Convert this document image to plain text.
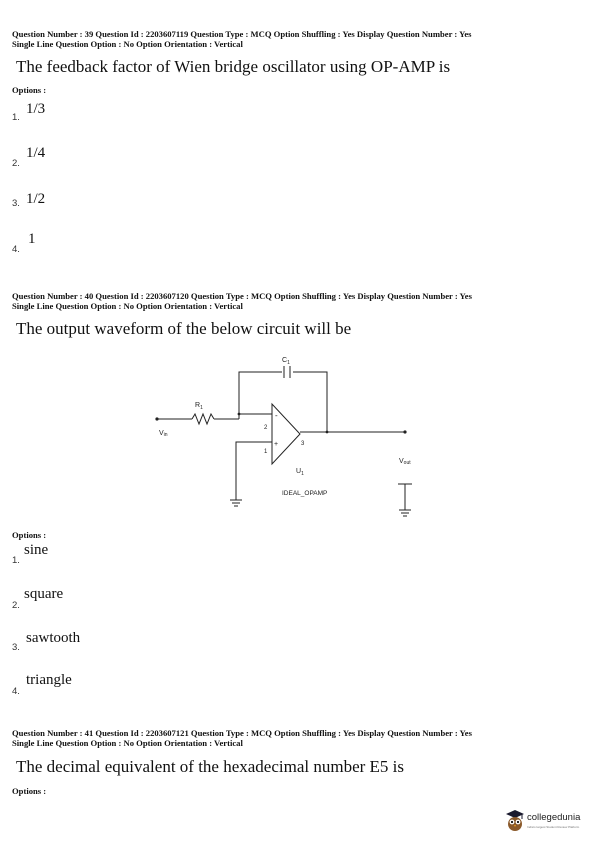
Question Number : 39 Question Id : 2203607119 Question Type : MCQ Option Shuffling : Yes Display Question Number : Yes
Single Line Question Option : No Option Orientation : Vertical
The feedback factor of Wien bridge oscillator using OP-AMP is
Options :
1.
1/3
2.
1/4
3. 1/2
4.
1
Question Number : 40 Question Id : 2203607120 Question Type : MCQ Option Shuffling : Yes Display Question Number : Yes
Single Line Question Option : No Option Orientation : Vertical
The output waveform of the below circuit will be
$C_1$
$R_1$
Vin
Vout
2
1
3
-
+
$U_1$
IDEAL_OPAMP
Options :
1.
sine
2.
square
3.
sawtooth
4.
triangle
Question Number : 41 Question Id : 2203607121 Question Type : MCQ Option Shuffling : Yes Display Question Number : Yes
Single Line Question Option : No Option Orientation : Vertical
The decimal equivalent of the hexadecimal number E5 is
Options :
collegedunia
India's largest Student Review Platform
